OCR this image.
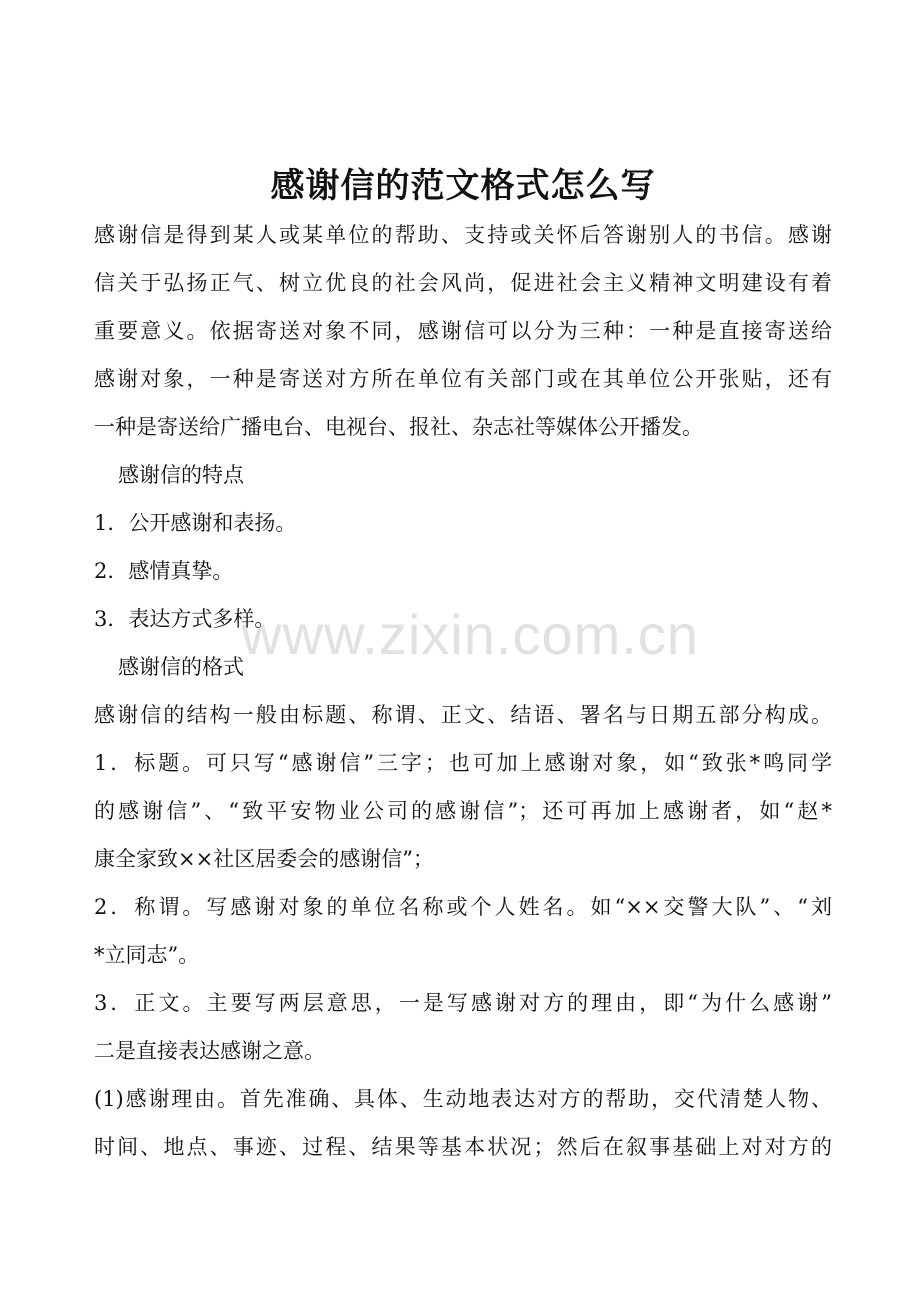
感谢信的范文格式怎么写

感谢信是得到某人或某单位的帮助、支持或关怀后答谢别人的书信。感谢

信关于弘扬正气、树立优良的社会风尚，促进社会主义精神文明建设有着

重要意义。依据寄送对象不同，感谢信可以分为三种：一种是直接寄送给

感谢对象，一种是寄送对方所在单位有关部门或在其单位公开张贴，还有

一种是寄送给广播电台、电视台、报社、杂志社等媒体公开播发。

感谢信的特点

1．公开感谢和表扬。

2．感情真挚。

3．表达方式多样。

感谢信的格式

感谢信的结构一般由标题、称谓、正文、结语、署名与日期五部分构成。

1．标题。可只写“感谢信”三字；也可加上感谢对象，如“致张*鸣同学

的感谢信”、“致平安物业公司的感谢信”；还可再加上感谢者，如“赵*

康全家致××社区居委会的感谢信”；

2．称谓。写感谢对象的单位名称或个人姓名。如“××交警大队”、“刘

*立同志”。

3．正文。主要写两层意思，一是写感谢对方的理由，即“为什么感谢”

二是直接表达感谢之意。

(1)感谢理由。首先准确、具体、生动地表达对方的帮助，交代清楚人物、

时间、地点、事迹、过程、结果等基本状况；然后在叙事基础上对对方的

www.zixin.com.cn
